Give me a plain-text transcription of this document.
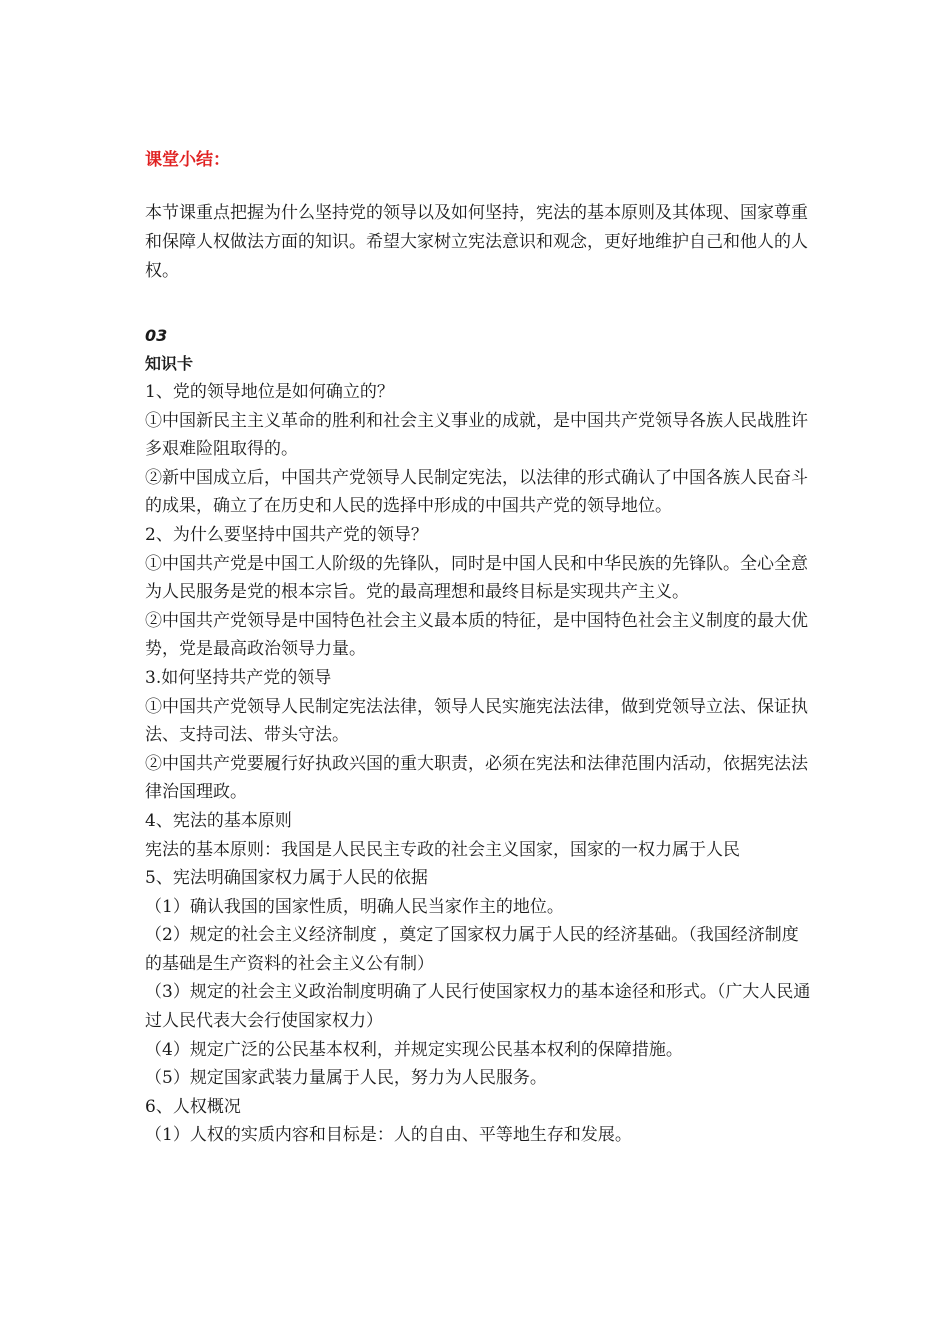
课堂小结：

本节课重点把握为什么坚持党的领导以及如何坚持，宪法的基本原则及其体现、国家尊重和保障人权做法方面的知识。希望大家树立宪法意识和观念，更好地维护自己和他人的人权。

03

知识卡

1、党的领导地位是如何确立的？

①中国新民主主义革命的胜利和社会主义事业的成就，是中国共产党领导各族人民战胜许多艰难险阻取得的。

②新中国成立后，中国共产党领导人民制定宪法，以法律的形式确认了中国各族人民奋斗的成果，确立了在历史和人民的选择中形成的中国共产党的领导地位。

2、为什么要坚持中国共产党的领导？

①中国共产党是中国工人阶级的先锋队，同时是中国人民和中华民族的先锋队。全心全意为人民服务是党的根本宗旨。党的最高理想和最终目标是实现共产主义。

②中国共产党领导是中国特色社会主义最本质的特征，是中国特色社会主义制度的最大优势，党是最高政治领导力量。

3.如何坚持共产党的领导

①中国共产党领导人民制定宪法法律，领导人民实施宪法法律，做到党领导立法、保证执法、支持司法、带头守法。

②中国共产党要履行好执政兴国的重大职责，必须在宪法和法律范围内活动，依据宪法法律治国理政。

4、宪法的基本原则

宪法的基本原则：我国是人民民主专政的社会主义国家，国家的一权力属于人民

5、宪法明确国家权力属于人民的依据

（1）确认我国的国家性质，明确人民当家作主的地位。

（2）规定的社会主义经济制度 ，奠定了国家权力属于人民的经济基础。（我国经济制度的基础是生产资料的社会主义公有制）

（3）规定的社会主义政治制度明确了人民行使国家权力的基本途径和形式。（广大人民通过人民代表大会行使国家权力）

（4）规定广泛的公民基本权利，并规定实现公民基本权利的保障措施。

（5）规定国家武装力量属于人民，努力为人民服务。

6、人权概况

（1）人权的实质内容和目标是：人的自由、平等地生存和发展。
